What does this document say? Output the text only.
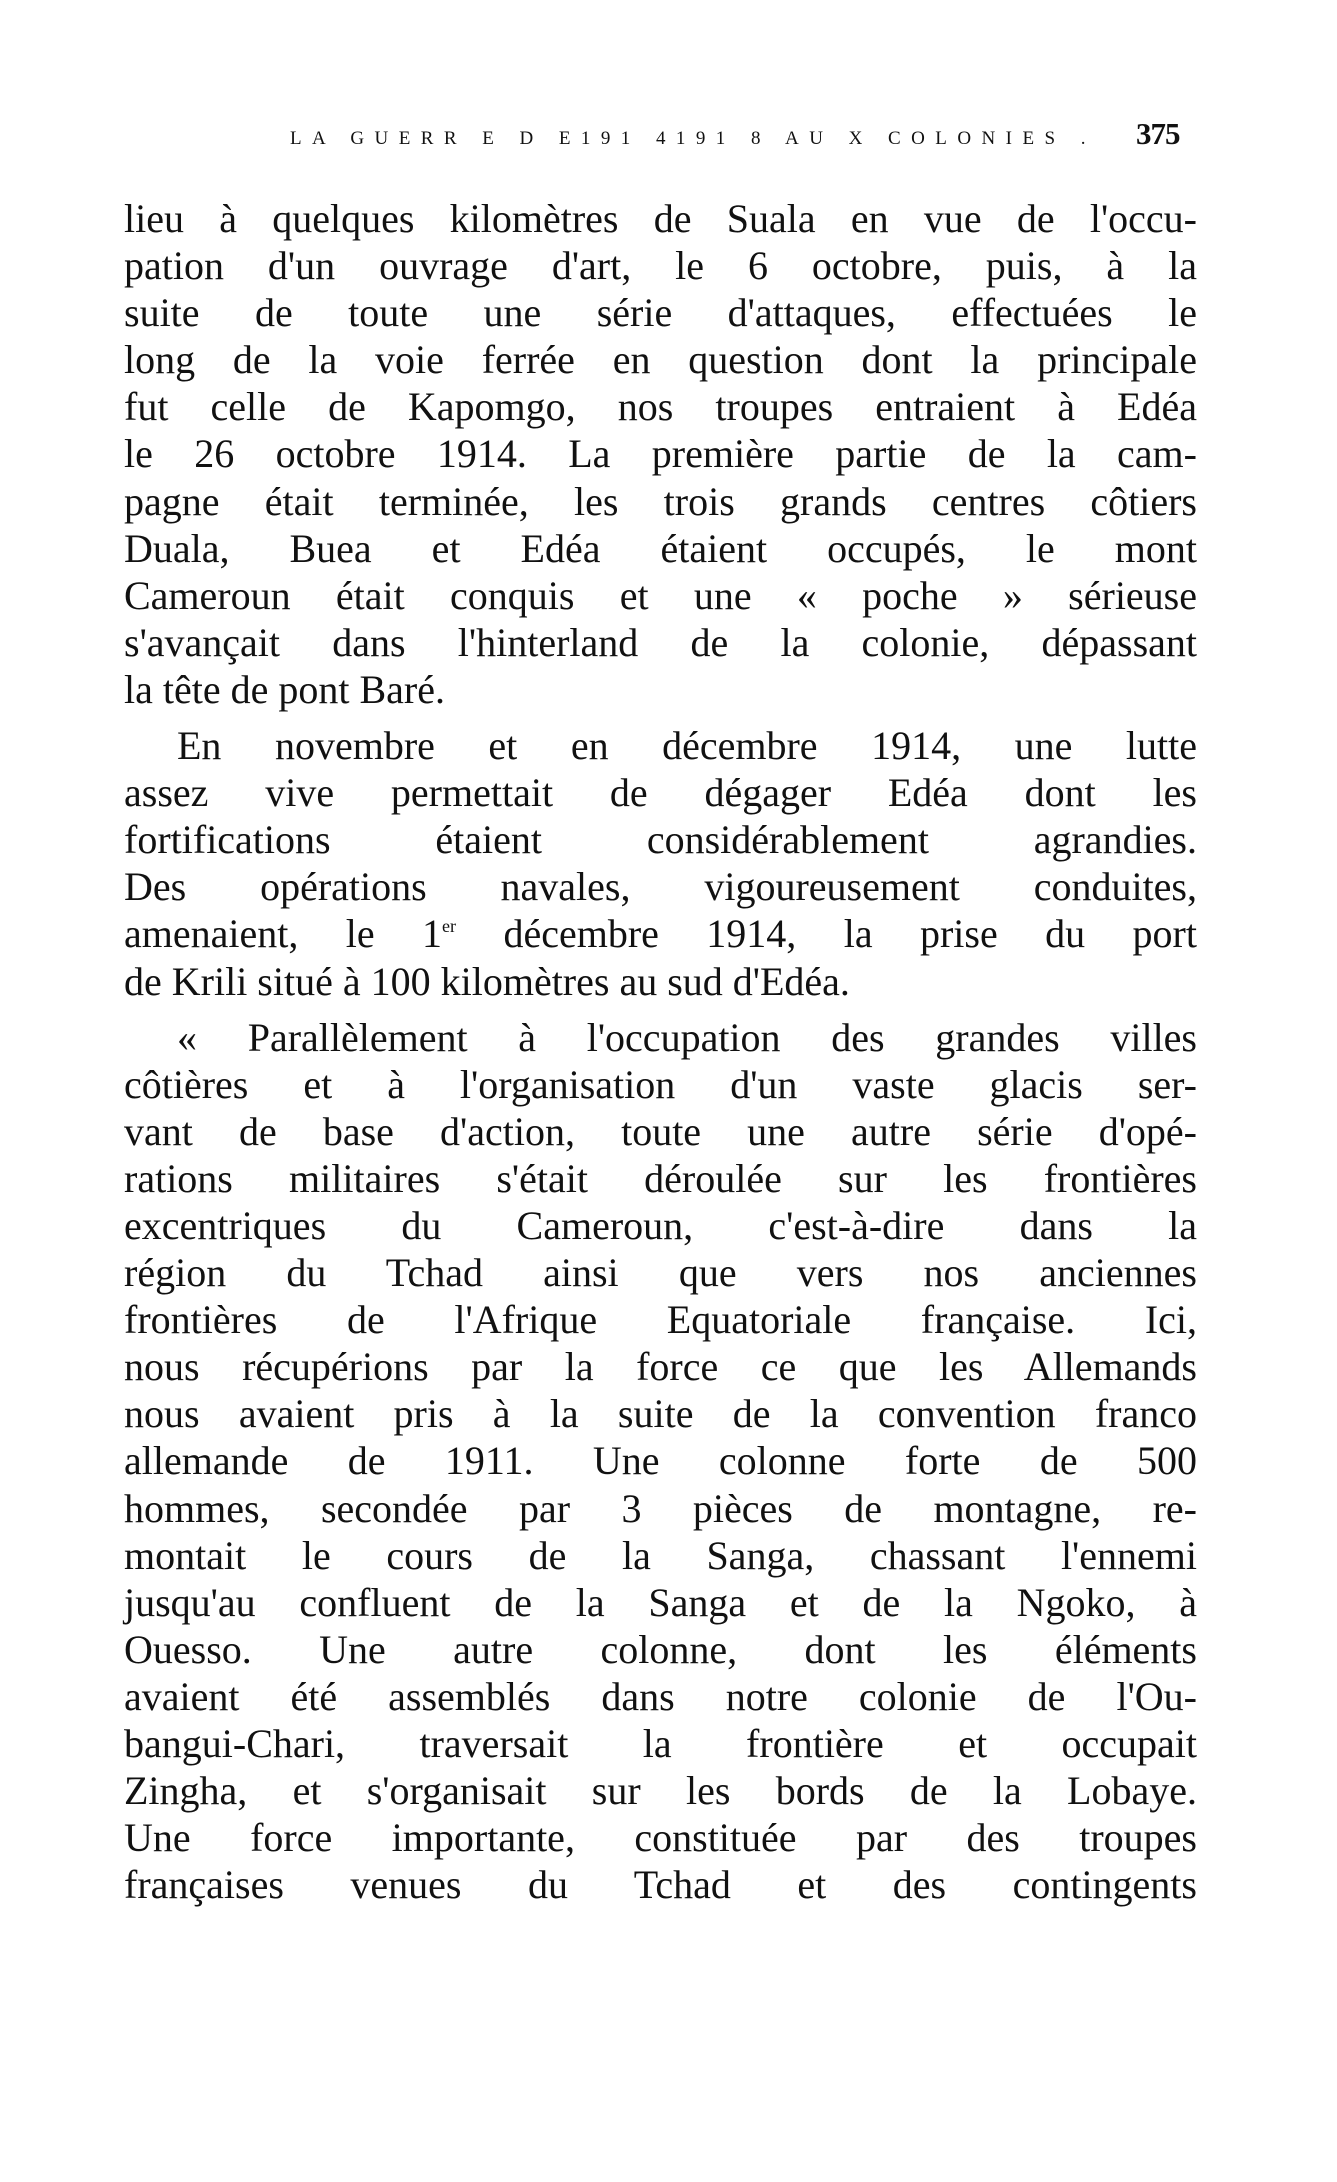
LA GUERR E D E191 4191 8 AU X COLONIES . 375
lieu à quelques kilomètres de Suala en vue de l'occu-
pation d'un ouvrage d'art, le 6 octobre, puis, à la
suite de toute une série d'attaques, effectuées le
long de la voie ferrée en question dont la principale
fut celle de Kapomgo, nos troupes entraient à Edéa
le 26 octobre 1914. La première partie de la cam-
pagne était terminée, les trois grands centres côtiers
Duala, Buea et Edéa étaient occupés, le mont
Cameroun était conquis et une « poche » sérieuse
s'avançait dans l'hinterland de la colonie, dépassant
la tête de pont Baré.
En novembre et en décembre 1914, une lutte
assez vive permettait de dégager Edéa dont les
fortifications étaient considérablement agrandies.
Des opérations navales, vigoureusement conduites,
amenaient, le 1er décembre 1914, la prise du port
de Krili situé à 100 kilomètres au sud d'Edéa.
« Parallèlement à l'occupation des grandes villes
côtières et à l'organisation d'un vaste glacis ser-
vant de base d'action, toute une autre série d'opé-
rations militaires s'était déroulée sur les frontières
excentriques du Cameroun, c'est-à-dire dans la
région du Tchad ainsi que vers nos anciennes
frontières de l'Afrique Equatoriale française. Ici,
nous récupérions par la force ce que les Allemands
nous avaient pris à la suite de la convention franco
allemande de 1911. Une colonne forte de 500
hommes, secondée par 3 pièces de montagne, re-
montait le cours de la Sanga, chassant l'ennemi
jusqu'au confluent de la Sanga et de la Ngoko, à
Ouesso. Une autre colonne, dont les éléments
avaient été assemblés dans notre colonie de l'Ou-
bangui-Chari, traversait la frontière et occupait
Zingha, et s'organisait sur les bords de la Lobaye.
Une force importante, constituée par des troupes
françaises venues du Tchad et des contingents
